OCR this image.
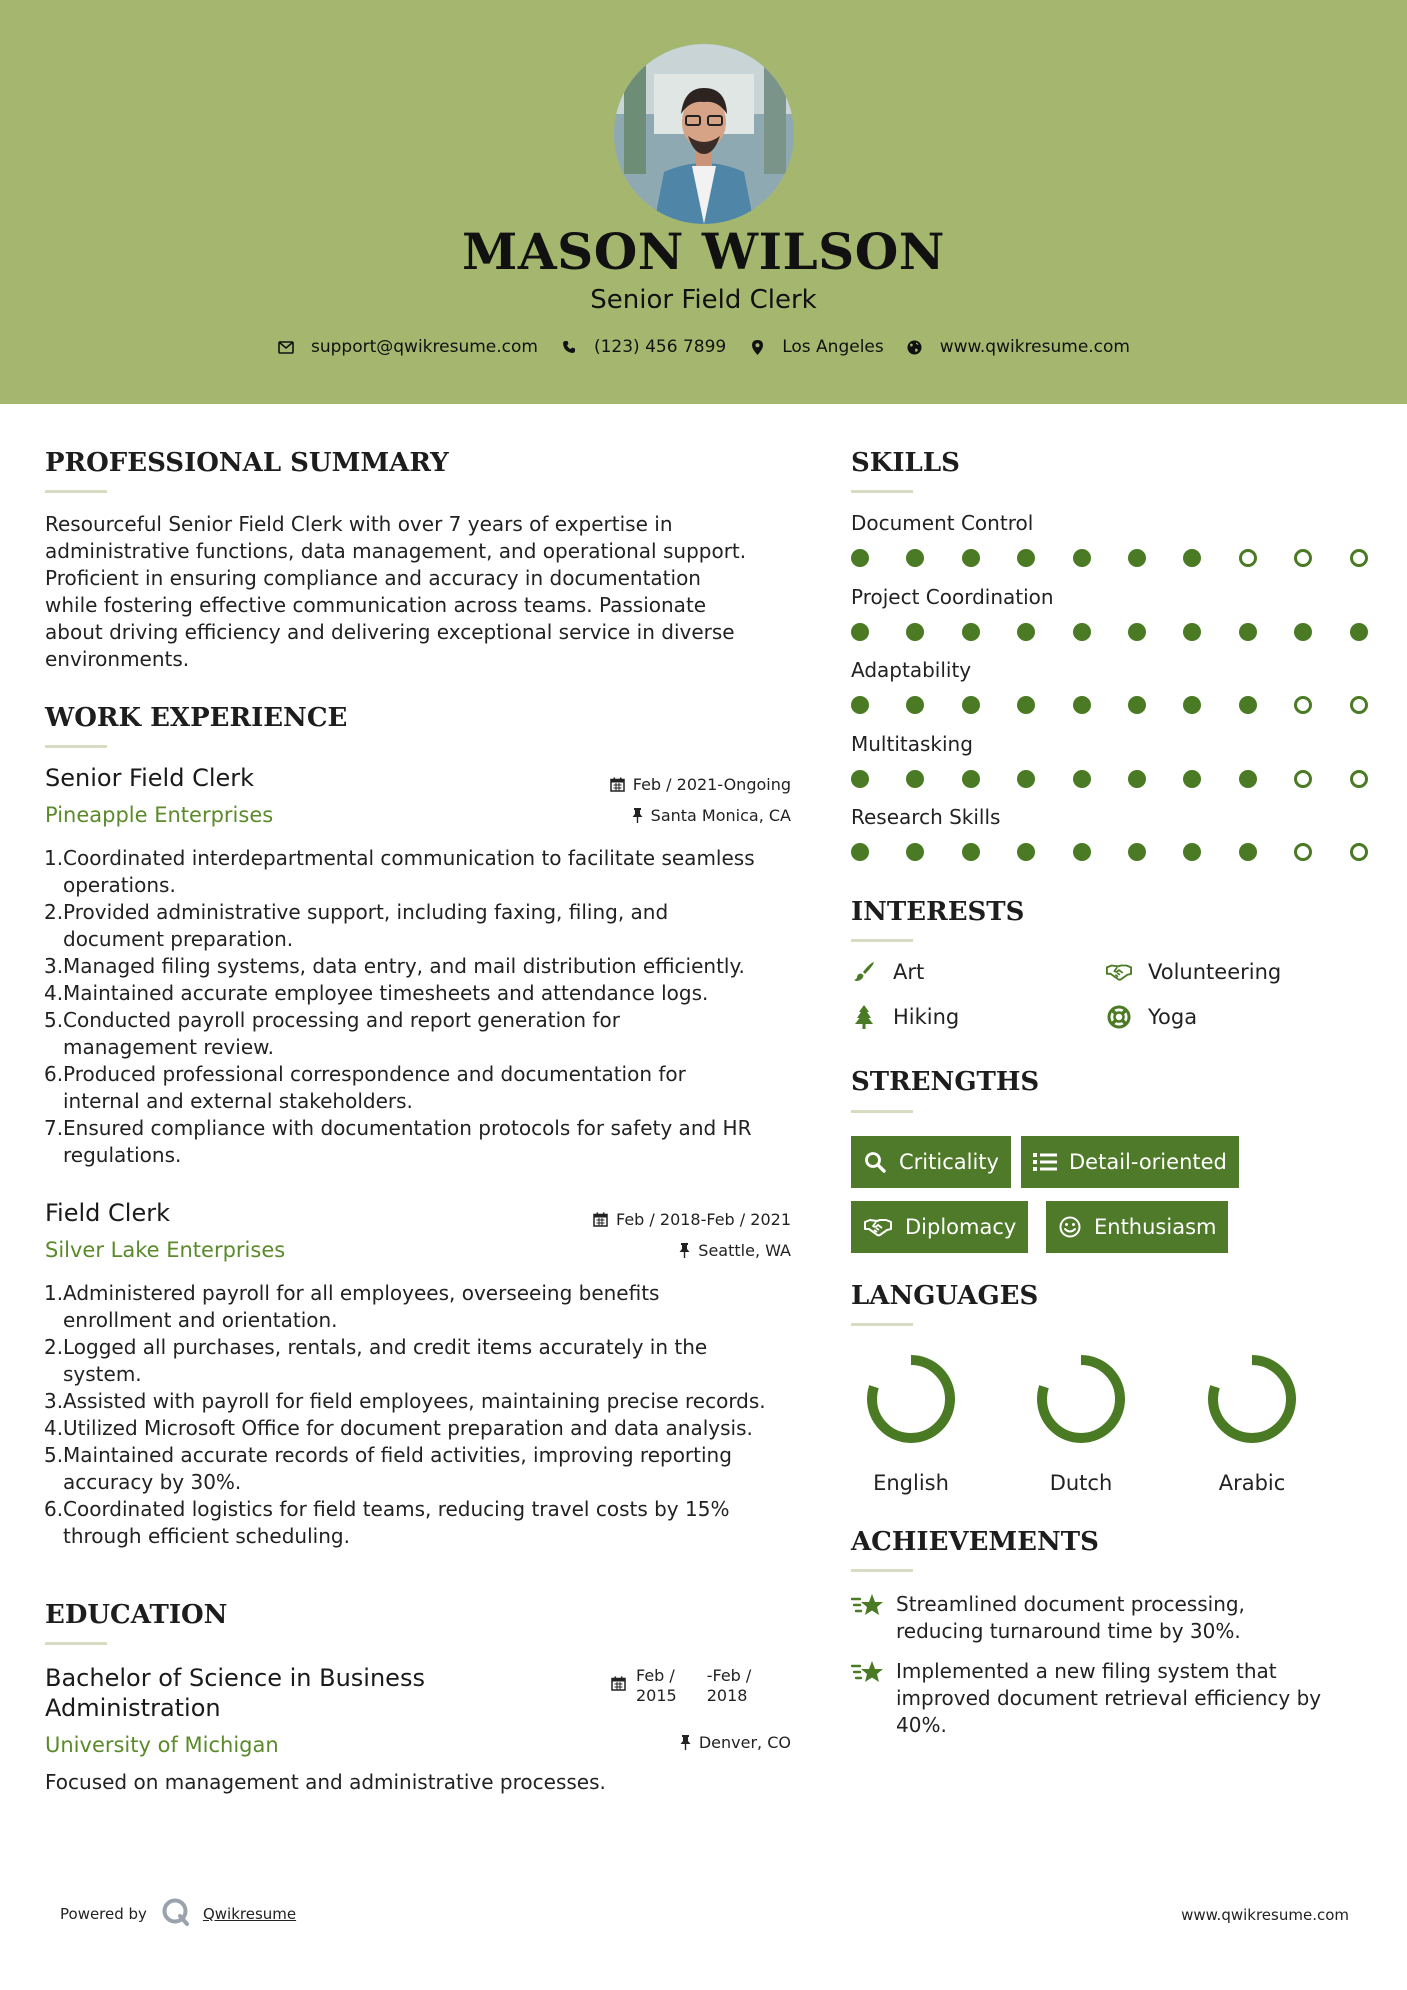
MASON WILSON
Senior Field Clerk
support@qwikresume.com	(123) 456 7899	Los Angeles	www.qwikresume.com
PROFESSIONAL SUMMARY
Resourceful Senior Field Clerk with over 7 years of expertise in
administrative functions, data management, and operational support.
Proficient in ensuring compliance and accuracy in documentation
while fostering effective communication across teams. Passionate
about driving efficiency and delivering exceptional service in diverse
environments.
WORK EXPERIENCE
Senior Field Clerk
Pineapple Enterprises
Feb / 2021-Ongoing
Santa Monica, CA
1. Coordinated interdepartmental communication to facilitate seamless
operations.
2. Provided administrative support, including faxing, filing, and
document preparation.
3. Managed filing systems, data entry, and mail distribution efficiently.
4. Maintained accurate employee timesheets and attendance logs.
5. Conducted payroll processing and report generation for
management review.
6. Produced professional correspondence and documentation for
internal and external stakeholders.
7. Ensured compliance with documentation protocols for safety and HR
regulations.
Field Clerk
Silver Lake Enterprises
Feb / 2018-Feb / 2021
Seattle, WA
1. Administered payroll for all employees, overseeing benefits
enrollment and orientation.
2. Logged all purchases, rentals, and credit items accurately in the
system.
3. Assisted with payroll for field employees, maintaining precise records.
4. Utilized Microsoft Office for document preparation and data analysis.
5. Maintained accurate records of field activities, improving reporting
accuracy by 30%.
6. Coordinated logistics for field teams, reducing travel costs by 15%
through efficient scheduling.
EDUCATION
Bachelor of Science in Business
Administration
University of Michigan
Feb /
2015
-Feb /
2018
Denver, CO
Focused on management and administrative processes.
SKILLS
Document Control
Project Coordination
Adaptability
Multitasking
Research Skills
INTERESTS
Art	Volunteering
Hiking	Yoga
STRENGTHS
Criticality	Detail-oriented
Diplomacy	Enthusiasm
LANGUAGES
English	Dutch	Arabic
ACHIEVEMENTS
Streamlined document processing,
reducing turnaround time by 30%.
Implemented a new filing system that
improved document retrieval efficiency by
40%.
Powered by	Qwikresume	www.qwikresume.com
